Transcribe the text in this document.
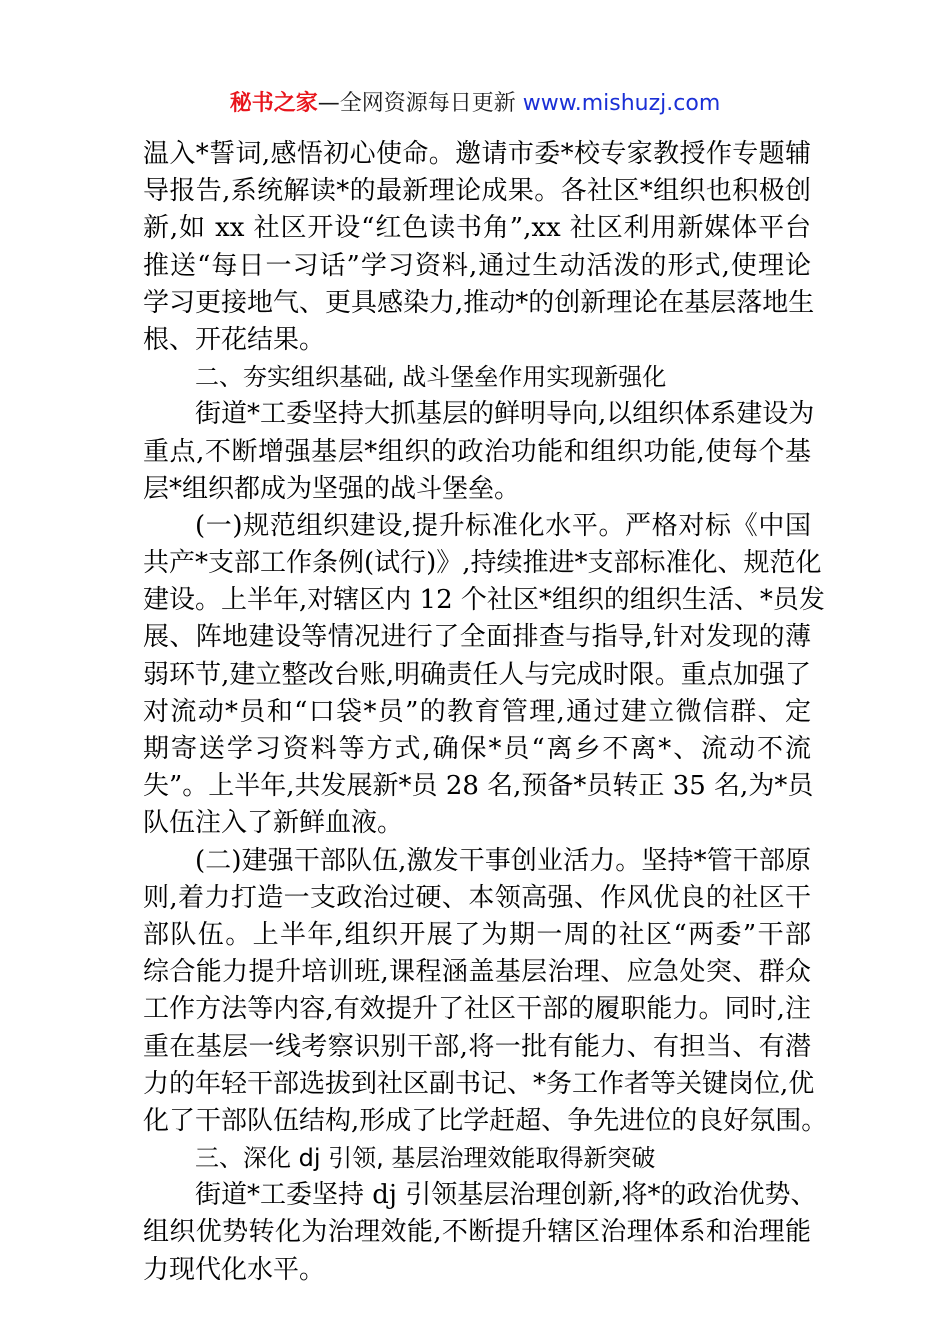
秘书之家—全网资源每日更新 www.mishuzj.com
温入*誓词,感悟初心使命。邀请市委*校专家教授作专题辅
导报告,系统解读*的最新理论成果。各社区*组织也积极创
新,如 xx 社区开设“红色读书角”,xx 社区利用新媒体平台
推送“每日一习话”学习资料,通过生动活泼的形式,使理论
学习更接地气、更具感染力,推动*的创新理论在基层落地生
根、开花结果。
二、夯实组织基础, 战斗堡垒作用实现新强化
街道*工委坚持大抓基层的鲜明导向,以组织体系建设为
重点,不断增强基层*组织的政治功能和组织功能,使每个基
层*组织都成为坚强的战斗堡垒。
(一)规范组织建设,提升标准化水平。严格对标《中国
共产*支部工作条例(试行)》,持续推进*支部标准化、规范化
建设。上半年,对辖区内 12 个社区*组织的组织生活、*员发
展、阵地建设等情况进行了全面排查与指导,针对发现的薄
弱环节,建立整改台账,明确责任人与完成时限。重点加强了
对流动*员和“口袋*员”的教育管理,通过建立微信群、定
期寄送学习资料等方式,确保*员“离乡不离*、流动不流
失”。上半年,共发展新*员 28 名,预备*员转正 35 名,为*员
队伍注入了新鲜血液。
(二)建强干部队伍,激发干事创业活力。坚持*管干部原
则,着力打造一支政治过硬、本领高强、作风优良的社区干
部队伍。上半年,组织开展了为期一周的社区“两委”干部
综合能力提升培训班,课程涵盖基层治理、应急处突、群众
工作方法等内容,有效提升了社区干部的履职能力。同时,注
重在基层一线考察识别干部,将一批有能力、有担当、有潜
力的年轻干部选拔到社区副书记、*务工作者等关键岗位,优
化了干部队伍结构,形成了比学赶超、争先进位的良好氛围。
三、深化 dj 引领, 基层治理效能取得新突破
街道*工委坚持 dj 引领基层治理创新,将*的政治优势、
组织优势转化为治理效能,不断提升辖区治理体系和治理能
力现代化水平。
